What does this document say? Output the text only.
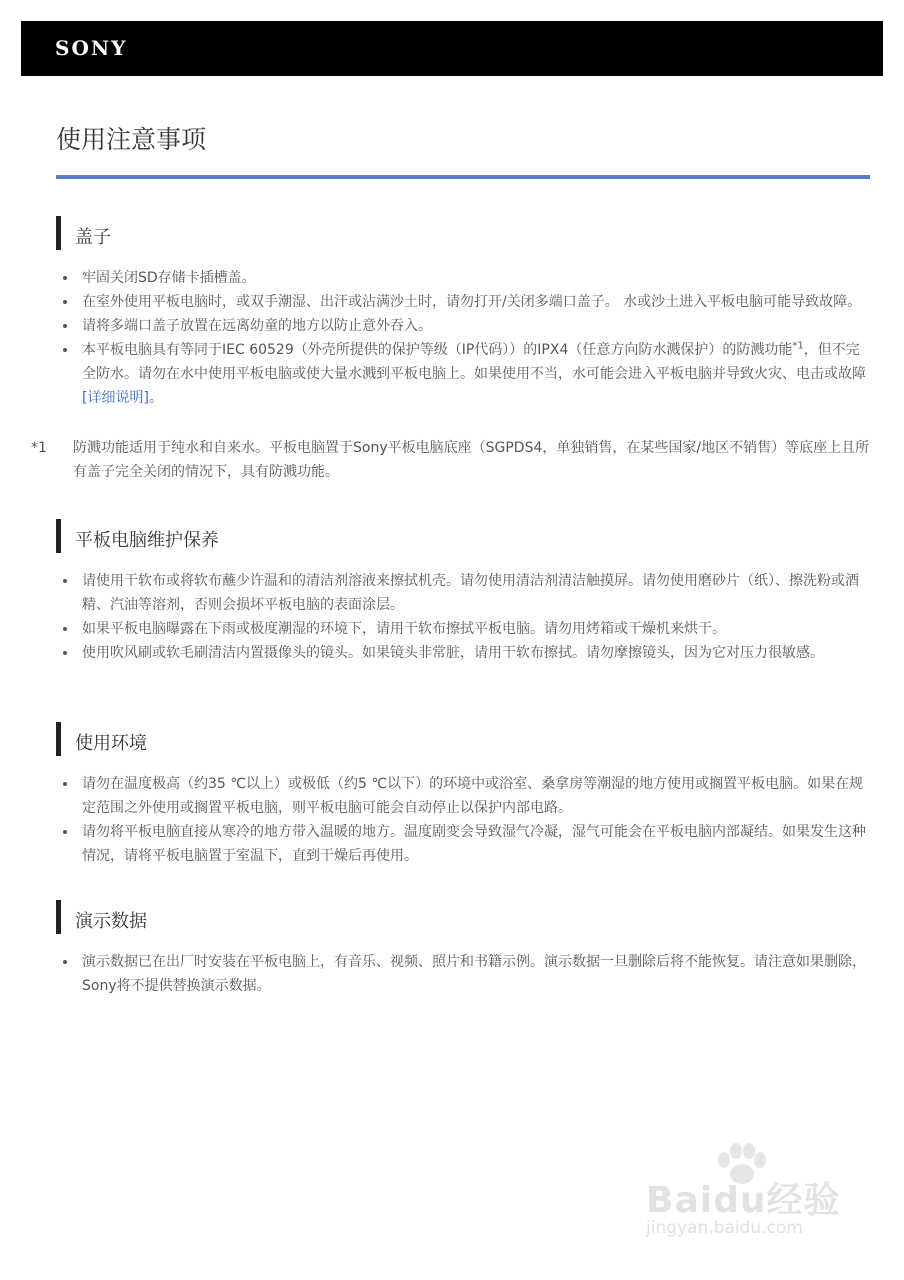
SONY
使用注意事项
盖子
牢固关闭SD存储卡插槽盖。
在室外使用平板电脑时，或双手潮湿、出汗或沾满沙土时，请勿打开/关闭多端口盖子。 水或沙土进入平板电脑可能导致故障。
请将多端口盖子放置在远离幼童的地方以防止意外吞入。
本平板电脑具有等同于IEC 60529（外壳所提供的保护等级（IP代码））的IPX4（任意方向防水溅保护）的防溅功能$^{*1}$，但不完全防水。请勿在水中使用平板电脑或使大量水溅到平板电脑上。如果使用不当，水可能会进入平板电脑并导致火灾、电击或故障 [详细说明]。
*1	防溅功能适用于纯水和自来水。平板电脑置于Sony平板电脑底座（SGPDS4，单独销售，在某些国家/地区不销售）等底座上且所有盖子完全关闭的情况下，具有防溅功能。
平板电脑维护保养
请使用干软布或将软布蘸少许温和的清洁剂溶液来擦拭机壳。请勿使用清洁剂清洁触摸屏。请勿使用磨砂片（纸）、擦洗粉或酒精、汽油等溶剂，否则会损坏平板电脑的表面涂层。
如果平板电脑曝露在下雨或极度潮湿的环境下，请用干软布擦拭平板电脑。请勿用烤箱或干燥机来烘干。
使用吹风刷或软毛刷清洁内置摄像头的镜头。如果镜头非常脏，请用干软布擦拭。请勿摩擦镜头，因为它对压力很敏感。
使用环境
请勿在温度极高（约35 ℃以上）或极低（约5 ℃以下）的环境中或浴室、桑拿房等潮湿的地方使用或搁置平板电脑。如果在规定范围之外使用或搁置平板电脑，则平板电脑可能会自动停止以保护内部电路。
请勿将平板电脑直接从寒冷的地方带入温暖的地方。温度剧变会导致湿气冷凝，湿气可能会在平板电脑内部凝结。如果发生这种情况，请将平板电脑置于室温下，直到干燥后再使用。
演示数据
演示数据已在出厂时安装在平板电脑上，有音乐、视频、照片和书籍示例。演示数据一旦删除后将不能恢复。请注意如果删除，Sony将不提供替换演示数据。
Baidu经验
jingyan.baidu.com
